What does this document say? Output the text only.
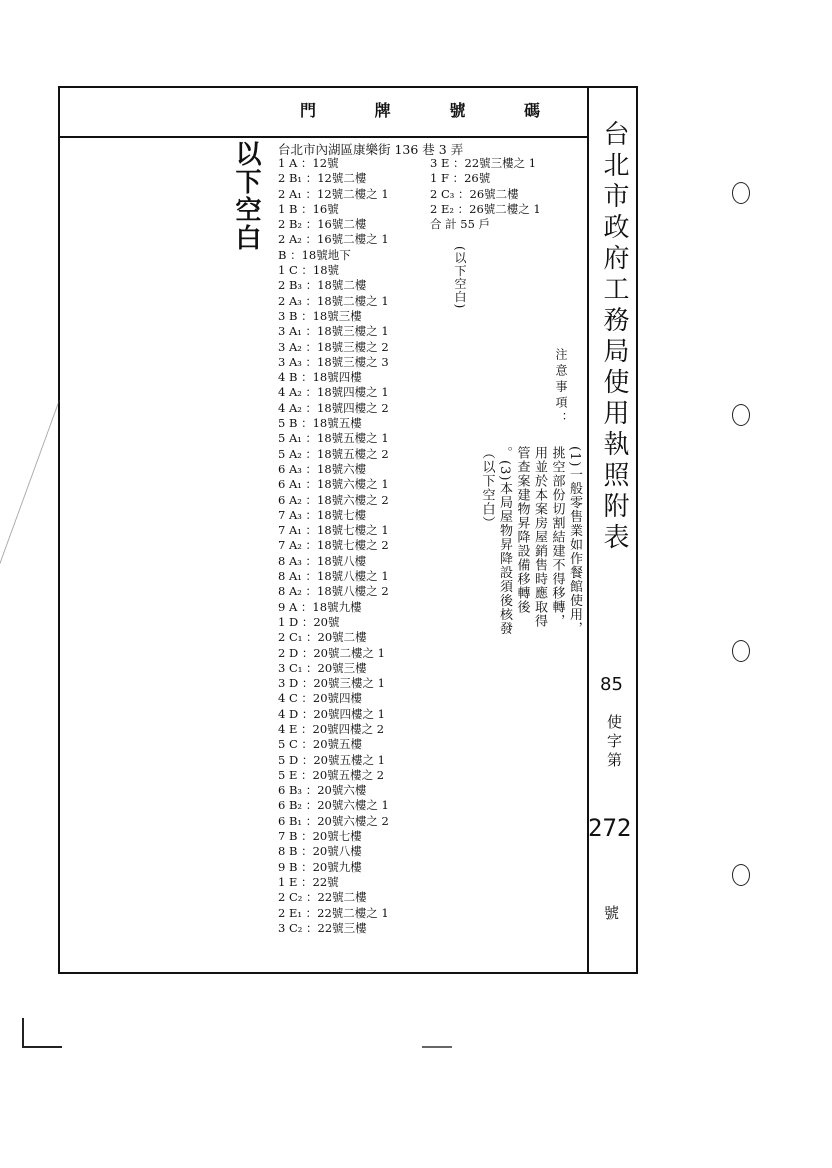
門	牌	號	碼
台北市政府工務局使用執照附表
85
使字第
272
號
以下空白	台北市內湖區康樂街 136 巷 3 弄
1 A ：12號
2 B₁ ：12號二樓
2 A₁ ：12號二樓之 1
1 B ：16號
2 B₂ ：16號二樓
2 A₂ ：16號二樓之 1
B ：18號地下
1 C ：18號
2 B₃ ：18號二樓
2 A₃ ：18號二樓之 1
3 B ：18號三樓
3 A₁ ：18號三樓之 1
3 A₂ ：18號三樓之 2
3 A₃ ：18號三樓之 3
4 B ：18號四樓
4 A₂ ：18號四樓之 1
4 A₂ ：18號四樓之 2
5 B ：18號五樓
5 A₁ ：18號五樓之 1
5 A₂ ：18號五樓之 2
6 A₃ ：18號六樓
6 A₁ ：18號六樓之 1
6 A₂ ：18號六樓之 2
7 A₃ ：18號七樓
7 A₁ ：18號七樓之 1
7 A₂ ：18號七樓之 2
8 A₃ ：18號八樓
8 A₁ ：18號八樓之 1
8 A₂ ：18號八樓之 2
9 A ：18號九樓
1 D ：20號
2 C₁ ：20號二樓
2 D ：20號二樓之 1
3 C₁ ：20號三樓
3 D ：20號三樓之 1
4 C ：20號四樓
4 D ：20號四樓之 1
4 E ：20號四樓之 2
5 C ：20號五樓
5 D ：20號五樓之 1
5 E ：20號五樓之 2
6 B₃ ：20號六樓
6 B₂ ：20號六樓之 1
6 B₁ ：20號六樓之 2
7 B ：20號七樓
8 B ：20號八樓
9 B ：20號九樓
1 E ：22號
2 C₂ ：22號二樓
2 E₁ ：22號二樓之 1
3 C₂ ：22號三樓
3 E ：22號三樓之 1
1 F ：26號
2 C₃ ：26號二樓
2 E₂ ：26號二樓之 1
合 計 55 戶
(以下空白)
注意事項：
(1)一般零售業如作餐館使用，
挑空部份切割結建不得移轉，
用並於本案房屋銷售時應取得
管查案建物昇降設備移轉後
。(3)本局屋物昇降設須後核發
（以下空白）
